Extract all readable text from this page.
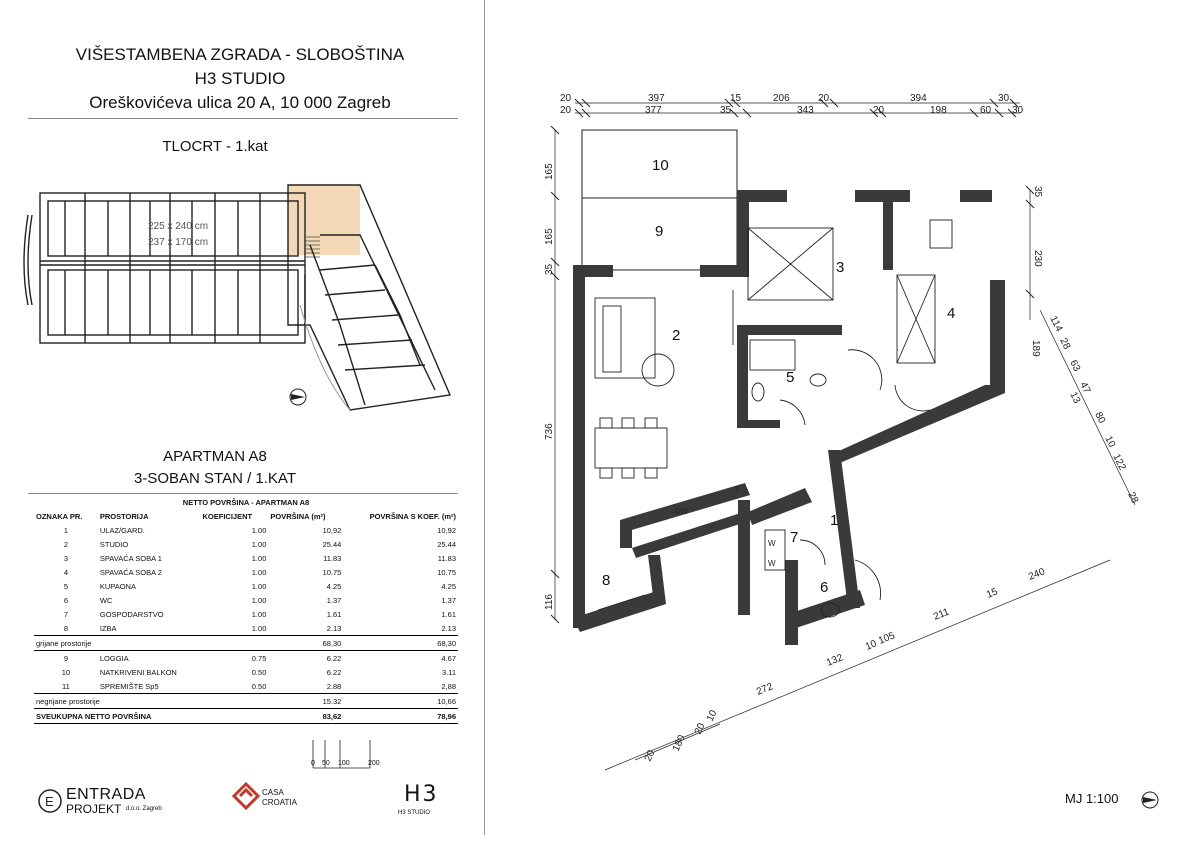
VIŠESTAMBENA ZGRADA - SLOBOŠTINA
H3 STUDIO
Oreškovićeva ulica 20 A, 10 000 Zagreb
TLOCRT - 1.kat
225 x 240 cm
237 x 170 cm
APARTMAN A8
3-SOBAN STAN / 1.KAT
NETTO POVRŠINA - APARTMAN A8				
OZNAKA PR.	PROSTORIJA	KOEFICIJENT	POVRŠINA (m²)	POVRŠINA S KOEF. (m²)
1	ULAZ/GARD.	1.00	10,92	10,92
2	STUDIO	1.00	25.44	25.44
3	SPAVAĆA SOBA 1	1.00	11.83	11.83
4	SPAVAĆA SOBA 2	1.00	10.75	10.75
5	KUPAONA	1.00	4.25	4.25
6	WC	1.00	1.37	1.37
7	GOSPODARSTVO	1.00	1.61	1.61
8	IZBA	1.00	2.13	2.13
grijane prostorije			68,30	68,30
9	LOGGIA	0.75	6.22	4.67
10	NATKRIVENI BALKON	0.50	6.22	3.11
11	SPREMIŠTE Sp5	0.50	2.88	2,88
negrijane prostorije			15.32	10,66
SVEUKUPNA NETTO POVRŠINA			83,62	78,96
0 50 100	200
E ENTRADA
PROJEKT d.o.o. Zagreb
CASA
CROATIA	H3
H3 STUDIO
20	397	15	206	20	394	30
20	377	35	343	20	198	60 30
165
165
35
736
116
35
230
189
114
28
63
47
13
80
10
122
28
240
15
211
105
10
132
272
10
20
180
20
DW
F
W
W
1
2
3
4
5
6
7
8
9
10
MJ 1:100
